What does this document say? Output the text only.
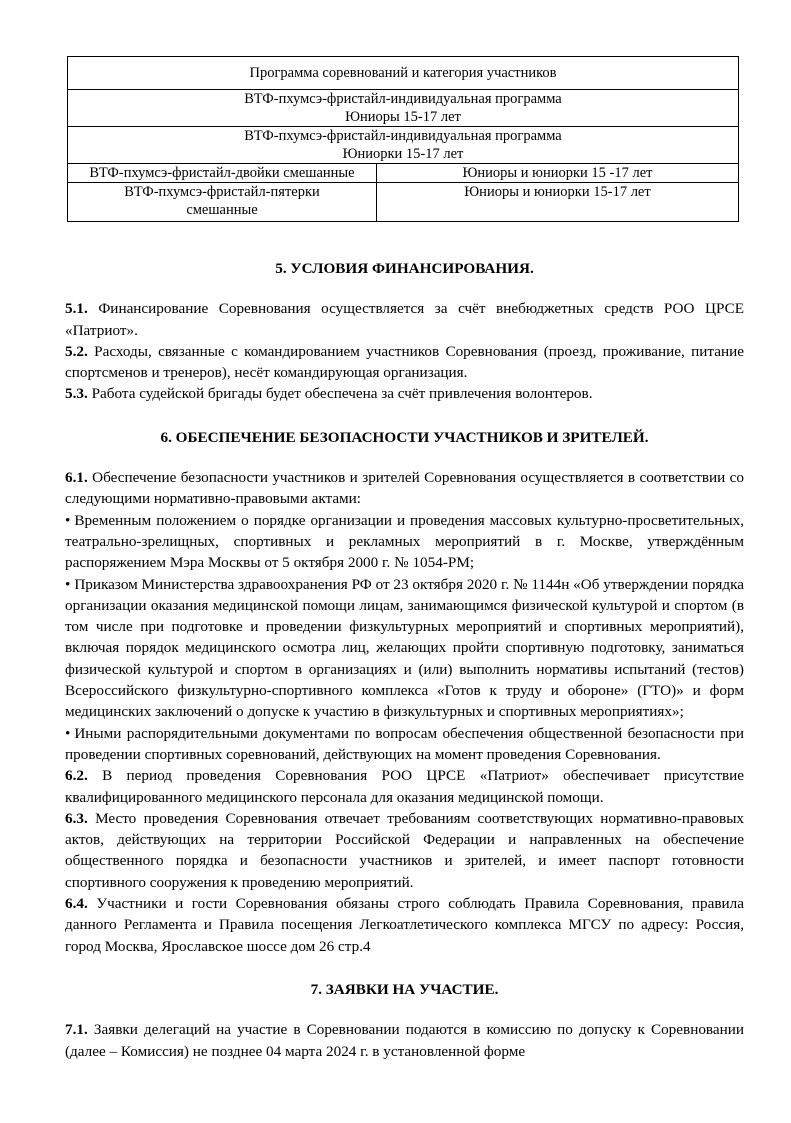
Программа соревнований и категория участников	

ВТФ-пхумсэ-фристайл-индивидуальная программа
Юниоры 15-17 лет	

ВТФ-пхумсэ-фристайл-индивидуальная программа
Юниорки 15-17 лет	

ВТФ-пхумсэ-фристайл-двойки смешанные	Юниоры и юниорки 15 -17 лет

ВТФ-пхумсэ-фристайл-пятерки
смешанные	Юниоры и юниорки 15-17 лет
5. УСЛОВИЯ ФИНАНСИРОВАНИЯ.

5.1. Финансирование Соревнования осуществляется за счёт внебюджетных средств РОО ЦРСЕ «Патриот».

5.2. Расходы, связанные с командированием участников Соревнования (проезд, проживание, питание спортсменов и тренеров), несёт командирующая организация.

5.3. Работа судейской бригады будет обеспечена за счёт привлечения волонтеров.

6. ОБЕСПЕЧЕНИЕ БЕЗОПАСНОСТИ УЧАСТНИКОВ И ЗРИТЕЛЕЙ.

6.1. Обеспечение безопасности участников и зрителей Соревнования осуществляется в соответствии со следующими нормативно-правовыми актами:

• Временным положением о порядке организации и проведения массовых культурно-просветительных, театрально-зрелищных, спортивных и рекламных мероприятий в г. Москве, утверждённым распоряжением Мэра Москвы от 5 октября 2000 г. № 1054-РМ;

• Приказом Министерства здравоохранения РФ от 23 октября 2020 г. № 1144н «Об утверждении порядка организации оказания медицинской помощи лицам, занимающимся физической культурой и спортом (в том числе при подготовке и проведении физкультурных мероприятий и спортивных мероприятий), включая порядок медицинского осмотра лиц, желающих пройти спортивную подготовку, заниматься физической культурой и спортом в организациях и (или) выполнить нормативы испытаний (тестов) Всероссийского физкультурно-спортивного комплекса «Готов к труду и обороне» (ГТО)» и форм медицинских заключений о допуске к участию в физкультурных и спортивных мероприятиях»;

• Иными распорядительными документами по вопросам обеспечения общественной безопасности при проведении спортивных соревнований, действующих на момент проведения Соревнования.

6.2. В период проведения Соревнования РОО ЦРСЕ «Патриот» обеспечивает присутствие квалифицированного медицинского персонала для оказания медицинской помощи.

6.3. Место проведения Соревнования отвечает требованиям соответствующих нормативно-правовых актов, действующих на территории Российской Федерации и направленных на обеспечение общественного порядка и безопасности участников и зрителей, и имеет паспорт готовности спортивного сооружения к проведению мероприятий.

6.4. Участники и гости Соревнования обязаны строго соблюдать Правила Соревнования, правила данного Регламента и Правила посещения Легкоатлетического комплекса МГСУ по адресу: Россия, город Москва, Ярославское шоссе дом 26 стр.4

7. ЗАЯВКИ НА УЧАСТИЕ.

7.1. Заявки делегаций на участие в Соревновании подаются в комиссию по допуску к Соревновании (далее – Комиссия) не позднее 04 марта 2024 г. в установленной форме
